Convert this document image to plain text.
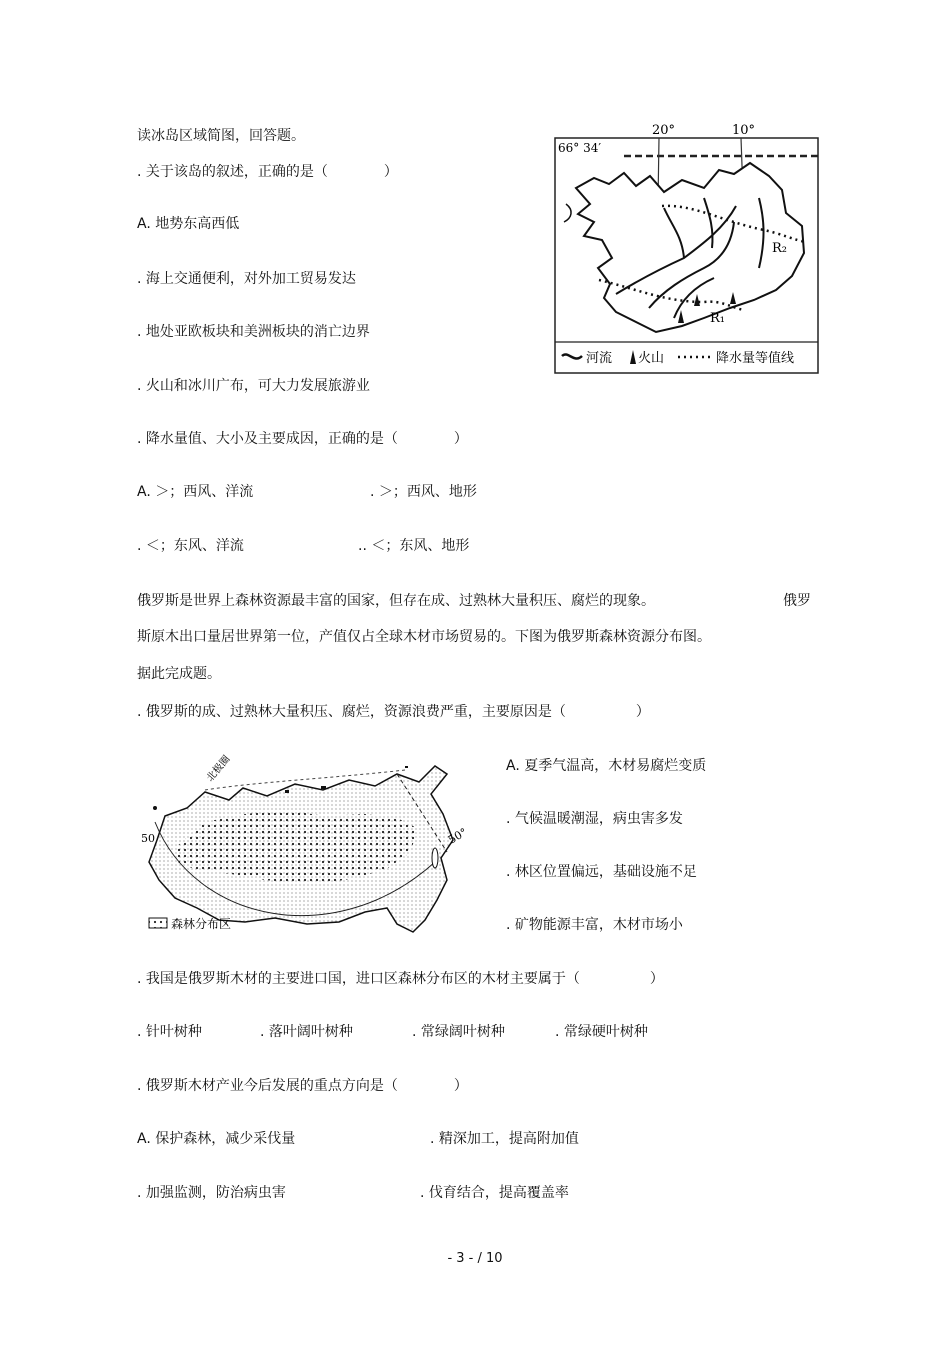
读冰岛区域简图，回答题。
. 关于该岛的叙述，正确的是（　　　　）
A. 地势东高西低
. 海上交通便利，对外加工贸易发达
. 地处亚欧板块和美洲板块的消亡边界
. 火山和冰川广布，可大力发展旅游业
. 降水量值、大小及主要成因，正确的是（　　　　）
A. ＞；西风、洋流	. ＞；西风、地形
. ＜；东风、洋流	.. ＜；东风、地形
20°	10°
66° 34′
R₂
R₁
河流 火山	降水量等值线
俄罗斯是世界上森林资源最丰富的国家，但存在成、过熟林大量积压、腐烂的现象。	俄罗
斯原木出口量居世界第一位，产值仅占全球木材市场贸易的。下图为俄罗斯森林资源分布图。
据此完成题。
. 俄罗斯的成、过熟林大量积压、腐烂，资源浪费严重，主要原因是（　　　　　）
A. 夏季气温高，木材易腐烂变质
. 气候温暖潮湿，病虫害多发
. 林区位置偏远，基础设施不足
. 矿物能源丰富，木材市场小
北极圈
50	50°
森林分布区
. 我国是俄罗斯木材的主要进口国，进口区森林分布区的木材主要属于（　　　　　）
. 针叶树种	. 落叶阔叶树种	. 常绿阔叶树种	. 常绿硬叶树种
. 俄罗斯木材产业今后发展的重点方向是（　　　　）
A. 保护森林，减少采伐量	. 精深加工，提高附加值
. 加强监测，防治病虫害	. 伐育结合，提高覆盖率
- 3 - / 10
